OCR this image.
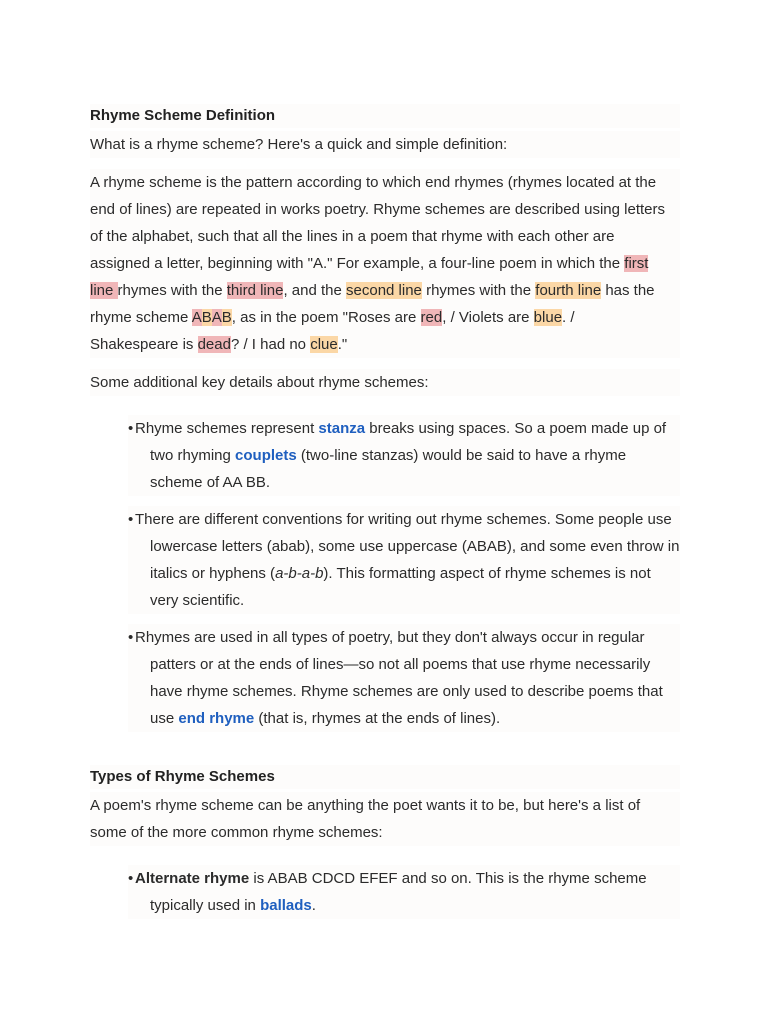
Rhyme Scheme Definition
What is a rhyme scheme? Here's a quick and simple definition:

A rhyme scheme is the pattern according to which end rhymes (rhymes located at the end of lines) are repeated in works poetry. Rhyme schemes are described using letters of the alphabet, such that all the lines in a poem that rhyme with each other are assigned a letter, beginning with "A." For example, a four-line poem in which the first line rhymes with the third line, and the second line rhymes with the fourth line has the rhyme scheme ABAB, as in the poem "Roses are red, / Violets are blue. / Shakespeare is dead? / I had no clue."

Some additional key details about rhyme schemes:
• Rhyme schemes represent stanza breaks using spaces. So a poem made up of two rhyming couplets (two-line stanzas) would be said to have a rhyme scheme of AA BB.
• There are different conventions for writing out rhyme schemes. Some people use lowercase letters (abab), some use uppercase (ABAB), and some even throw in italics or hyphens (a-b-a-b). This formatting aspect of rhyme schemes is not very scientific.
• Rhymes are used in all types of poetry, but they don't always occur in regular patters or at the ends of lines—so not all poems that use rhyme necessarily have rhyme schemes. Rhyme schemes are only used to describe poems that use end rhyme (that is, rhymes at the ends of lines).
Types of Rhyme Schemes
A poem's rhyme scheme can be anything the poet wants it to be, but here's a list of some of the more common rhyme schemes:
• Alternate rhyme is ABAB CDCD EFEF and so on. This is the rhyme scheme typically used in ballads.
